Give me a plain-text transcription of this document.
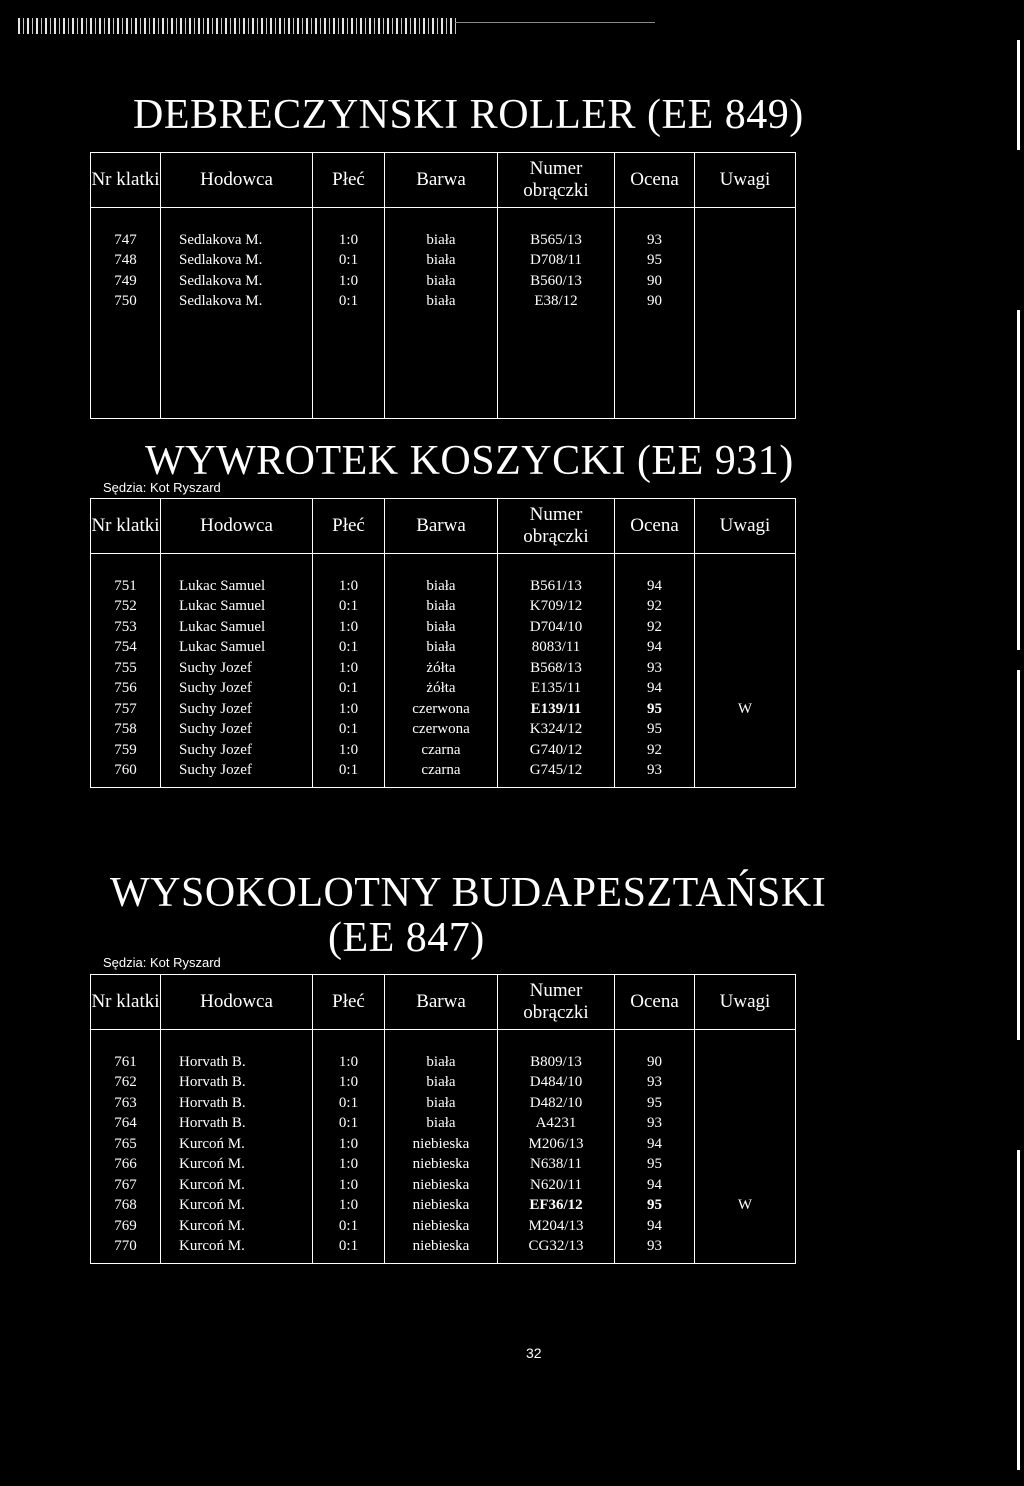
DEBRECZYNSKI ROLLER (EE 849)
Nr klatki	Hodowca	Płeć	Barwa	Numer obrączki	Ocena	Uwagi

747	Sedlakova M.	1:0	biała	B565/13	93	
748	Sedlakova M.	0:1	biała	D708/11	95	
749	Sedlakova M.	1:0	biała	B560/13	90	
750	Sedlakova M.	0:1	biała	E38/12	90	

WYWROTEK KOSZYCKI (EE 931)
Sędzia: Kot Ryszard
Nr klatki	Hodowca	Płeć	Barwa	Numer obrączki	Ocena	Uwagi

751	Lukac Samuel	1:0	biała	B561/13	94	
752	Lukac Samuel	0:1	biała	K709/12	92	
753	Lukac Samuel	1:0	biała	D704/10	92	
754	Lukac Samuel	0:1	biała	8083/11	94	
755	Suchy Jozef	1:0	żółta	B568/13	93	
756	Suchy Jozef	0:1	żółta	E135/11	94	
757	Suchy Jozef	1:0	czerwona	E139/11	95	W
758	Suchy Jozef	0:1	czerwona	K324/12	95	
759	Suchy Jozef	1:0	czarna	G740/12	92	
760	Suchy Jozef	0:1	czarna	G745/12	93	

WYSOKOLOTNY BUDAPESZTAŃSKI
(EE 847)
Sędzia: Kot Ryszard
Nr klatki	Hodowca	Płeć	Barwa	Numer obrączki	Ocena	Uwagi

761	Horvath B.	1:0	biała	B809/13	90	
762	Horvath B.	1:0	biała	D484/10	93	
763	Horvath B.	0:1	biała	D482/10	95	
764	Horvath B.	0:1	biała	A4231	93	
765	Kurcoń M.	1:0	niebieska	M206/13	94	
766	Kurcoń M.	1:0	niebieska	N638/11	95	
767	Kurcoń M.	1:0	niebieska	N620/11	94	
768	Kurcoń M.	1:0	niebieska	EF36/12	95	W
769	Kurcoń M.	0:1	niebieska	M204/13	94	
770	Kurcoń M.	0:1	niebieska	CG32/13	93	

32
